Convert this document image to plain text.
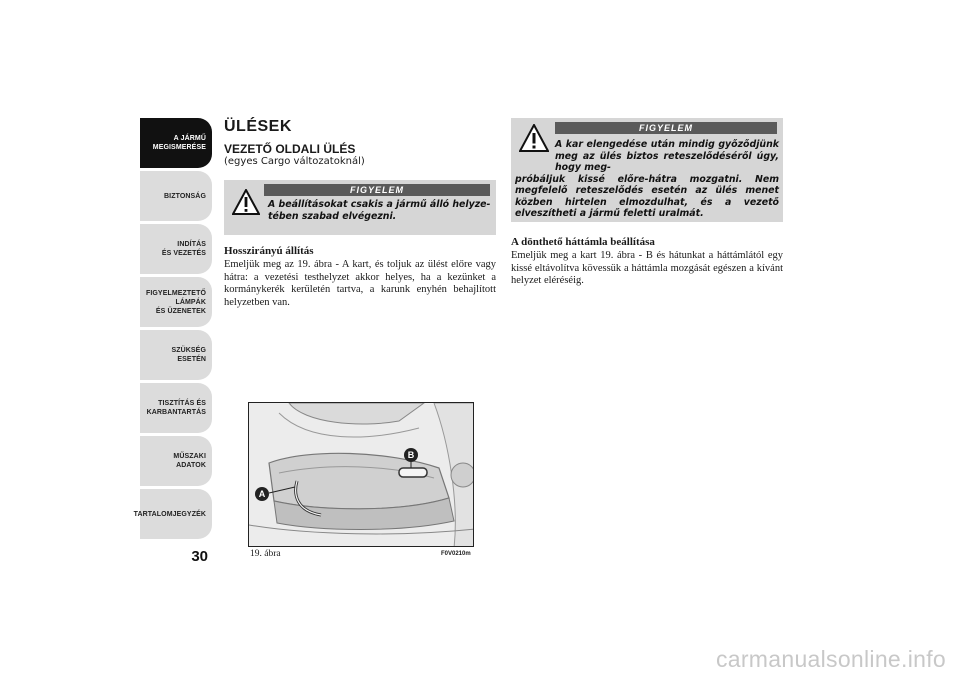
A JÁRMŰ
MEGISMERÉSE
BIZTONSÁG
INDÍTÁS
ÉS VEZETÉS
FIGYELMEZTETŐ
LÁMPÁK
ÉS ÜZENETEK
SZÜKSÉG
ESETÉN
TISZTÍTÁS ÉS
KARBANTARTÁS
MŰSZAKI
ADATOK
TARTALOMJEGYZÉK
30
ÜLÉSEK
VEZETŐ OLDALI ÜLÉS
(egyes Cargo változatoknál)
FIGYELEM
A beállításokat csakis a jármű álló helyze-tében szabad elvégezni.
Hosszirányú állítás
Emeljük meg az 19. ábra - A kart, és toljuk az ülést előre vagy hátra: a vezetési testhelyzet akkor helyes, ha a kezünket a kormánykerék kerületén tartva, a karunk enyhén behajlított helyzetben van.
FIGYELEM
A kar elengedése után mindig győződjünk meg az ülés biztos reteszelődéséről úgy, hogy meg-
próbáljuk kissé előre-hátra mozgatni. Nem megfelelő reteszelődés esetén az ülés menet közben hirtelen elmozdulhat, és a vezető elveszítheti a jármű feletti uralmát.
A dönthető háttámla beállítása
Emeljük meg a kart 19. ábra - B és hátunkat a háttámlától egy kissé eltávolítva kövessük a háttámla mozgását egészen a kívánt helyzet eléréséig.
A
B
19. ábra	F0V0210m
carmanualsonline.info
